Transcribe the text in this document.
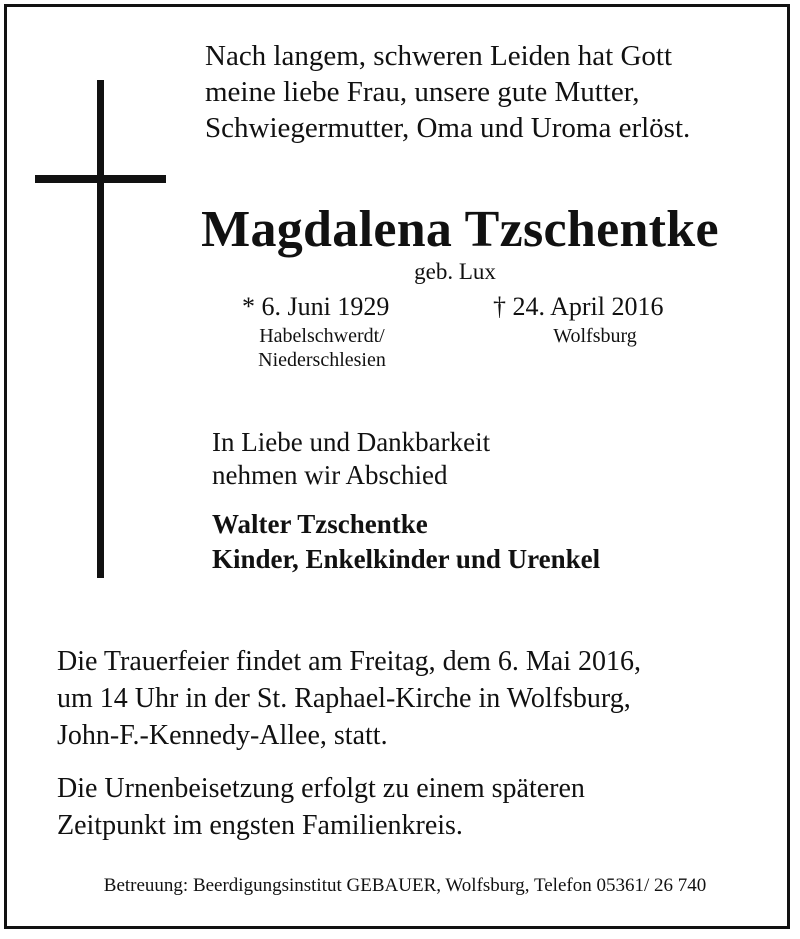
Nach langem, schweren Leiden hat Gott
meine liebe Frau, unsere gute Mutter,
Schwiegermutter, Oma und Uroma erlöst.
Magdalena Tzschentke
geb. Lux
* 6. Juni 1929	† 24. April 2016
Habelschwerdt/
Niederschlesien
Wolfsburg
In Liebe und Dankbarkeit
nehmen wir Abschied
Walter Tzschentke
Kinder, Enkelkinder und Urenkel
Die Trauerfeier findet am Freitag, dem 6. Mai 2016,
um 14 Uhr in der St. Raphael-Kirche in Wolfsburg,
John-F.-Kennedy-Allee, statt.
Die Urnenbeisetzung erfolgt zu einem späteren
Zeitpunkt im engsten Familienkreis.
Betreuung: Beerdigungsinstitut GEBAUER, Wolfsburg, Telefon 05361/ 26 740
